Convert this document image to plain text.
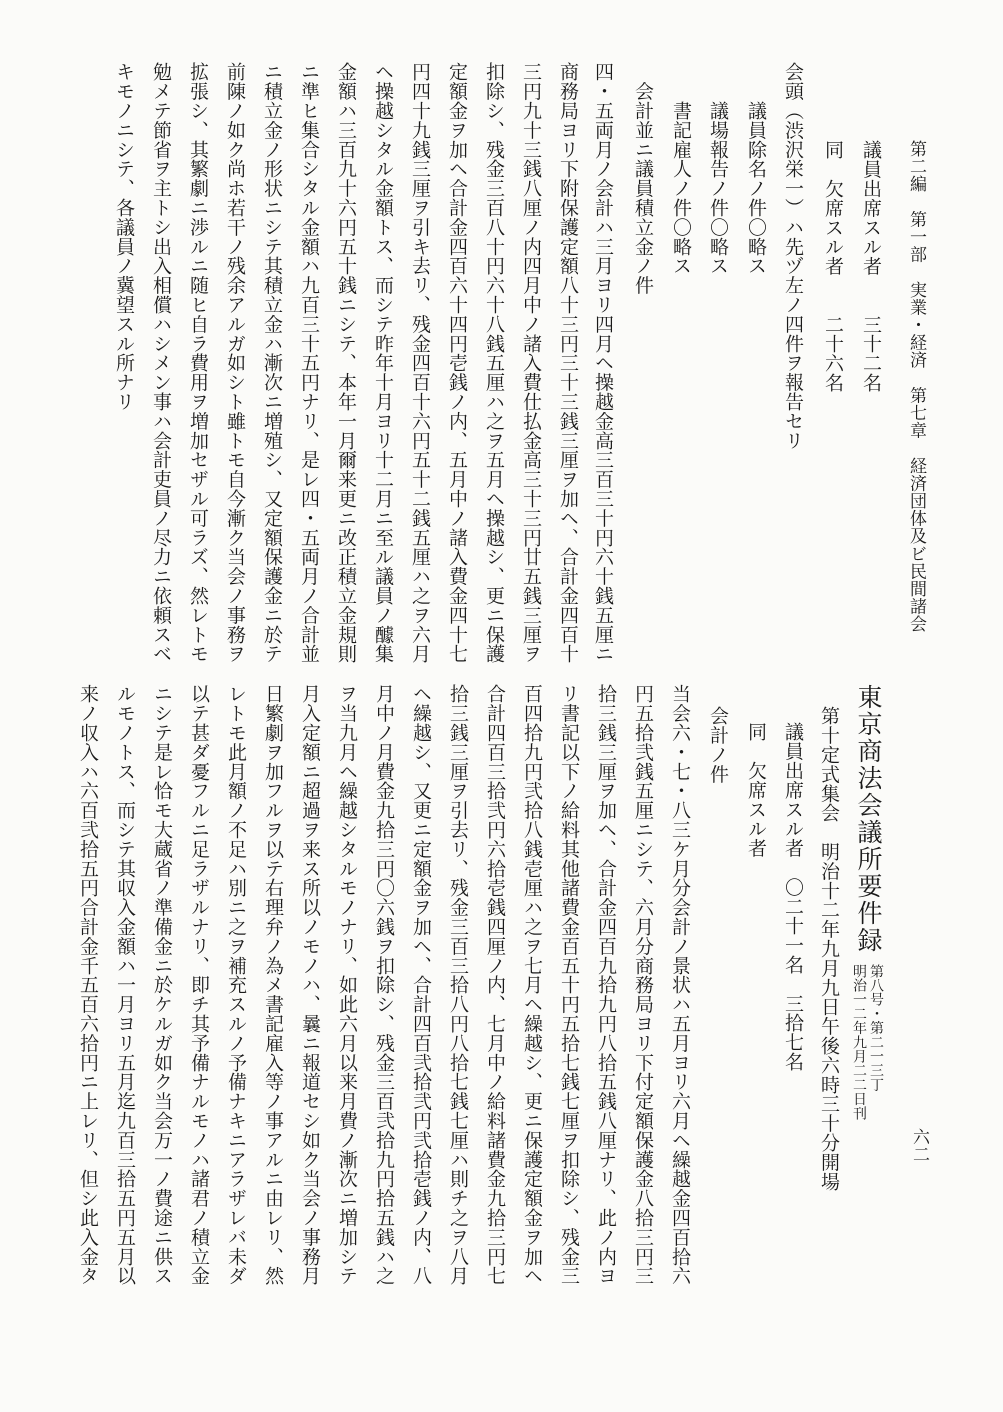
第二編　第一部　実業・経済　第七章　経済団体及ビ民間諸会
六二

議員出席スル者　　三十二名

同　欠席スル者　　二十六名

会頭（渋沢栄一）ハ先ヅ左ノ四件ヲ報告セリ

　　議員除名ノ件〇略ス

　　議場報告ノ件〇略ス

　　書記雇人ノ件〇略ス

　会計並ニ議員積立金ノ件

四・五両月ノ会計ハ三月ヨリ四月ヘ操越金高三百三十円六十銭五厘ニ

商務局ヨリ下附保護定額八十三円三十三銭三厘ヲ加ヘ、合計金四百十

三円九十三銭八厘ノ内四月中ノ諸入費仕払金高三十三円廿五銭三厘ヲ

扣除シ、残金三百八十円六十八銭五厘ハ之ヲ五月ヘ操越シ、更ニ保護

定額金ヲ加ヘ合計金四百六十四円壱銭ノ内、五月中ノ諸入費金四十七

円四十九銭三厘ヲ引キ去リ、残金四百十六円五十二銭五厘ハ之ヲ六月

ヘ操越シタル金額トス、而シテ昨年十月ヨリ十二月ニ至ル議員ノ醵集

金額ハ三百九十六円五十銭ニシテ、本年一月爾来更ニ改正積立金規則

ニ準ヒ集合シタル金額ハ九百三十五円ナリ、是レ四・五両月ノ合計並

ニ積立金ノ形状ニシテ其積立金ハ漸次ニ増殖シ、又定額保護金ニ於テ

前陳ノ如ク尚ホ若干ノ残余アルガ如シト雖トモ自今漸ク当会ノ事務ヲ

拡張シ、其繁劇ニ渉ルニ随ヒ自ラ費用ヲ増加セザル可ラズ、然レトモ

勉メテ節省ヲ主トシ出入相償ハシメン事ハ会計吏員ノ尽力ニ依頼スベ

キモノニシテ、各議員ノ冀望スル所ナリ

東京商法会議所要件録
第八号・第二一三丁
明治一二年九月二二日刊

第十定式集会　明治十二年九月九日午後六時三十分開場

議員出席スル者　〇二十一名　三拾七名

同　欠席スル者

会計ノ件

当会六・七・八三ケ月分会計ノ景状ハ五月ヨリ六月ヘ繰越金四百拾六

円五拾弐銭五厘ニシテ、六月分商務局ヨリ下付定額保護金八拾三円三

拾三銭三厘ヲ加ヘ、合計金四百九拾九円八拾五銭八厘ナリ、此ノ内ヨ

リ書記以下ノ給料其他諸費金百五十円五拾七銭七厘ヲ扣除シ、残金三

百四拾九円弐拾八銭壱厘ハ之ヲ七月ヘ繰越シ、更ニ保護定額金ヲ加ヘ

合計四百三拾弐円六拾壱銭四厘ノ内、七月中ノ給料諸費金九拾三円七

拾三銭三厘ヲ引去リ、残金三百三拾八円八拾七銭七厘ハ則チ之ヲ八月

ヘ繰越シ、又更ニ定額金ヲ加ヘ、合計四百弐拾弐円弐拾壱銭ノ内、八

月中ノ月費金九拾三円〇六銭ヲ扣除シ、残金三百弐拾九円拾五銭ハ之

ヲ当九月ヘ繰越シタルモノナリ、如此六月以来月費ノ漸次ニ増加シテ

月入定額ニ超過ヲ来ス所以ノモノハ、曩ニ報道セシ如ク当会ノ事務月

日繁劇ヲ加フルヲ以テ右理弁ノ為メ書記雇入等ノ事アルニ由レリ、然

レトモ此月額ノ不足ハ別ニ之ヲ補充スルノ予備ナキニアラザレバ未ダ

以テ甚ダ憂フルニ足ラザルナリ、即チ其予備ナルモノハ諸君ノ積立金

ニシテ是レ恰モ大蔵省ノ準備金ニ於ケルガ如ク当会万一ノ費途ニ供ス

ルモノトス、而シテ其収入金額ハ一月ヨリ五月迄九百三拾五円五月以

来ノ収入ハ六百弐拾五円合計金千五百六拾円ニ上レリ、但シ此入金タ
